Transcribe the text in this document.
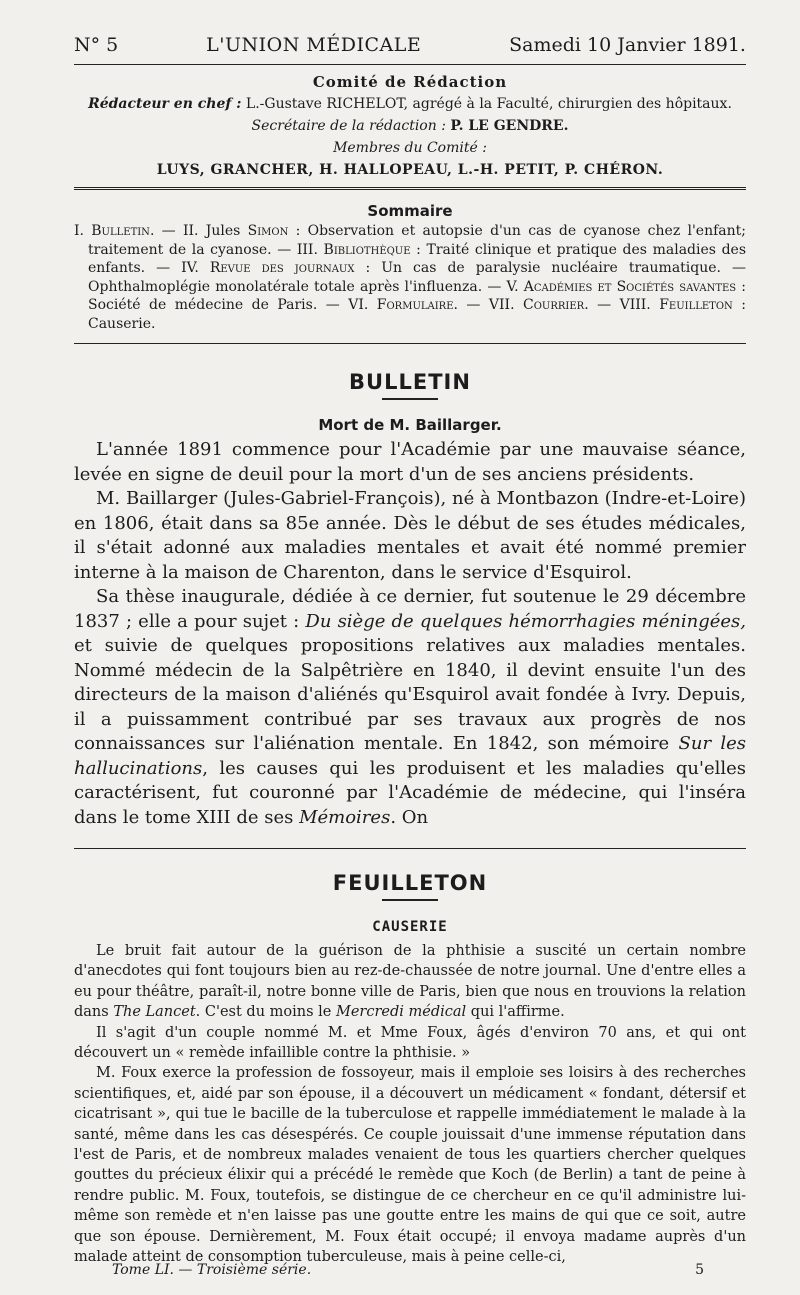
N° 5	L'UNION MÉDICALE	Samedi 10 Janvier 1891.
Comité de Rédaction
Rédacteur en chef : L.-Gustave RICHELOT, agrégé à la Faculté, chirurgien des hôpitaux.
Secrétaire de la rédaction : P. LE GENDRE.
Membres du Comité :
LUYS, GRANCHER, H. HALLOPEAU, L.-H. PETIT, P. CHÉRON.
Sommaire
I. Bulletin. — II. Jules Simon : Observation et autopsie d'un cas de cyanose chez l'enfant; traitement de la cyanose. — III. Bibliothèque : Traité clinique et pratique des maladies des enfants. — IV. Revue des journaux : Un cas de paralysie nucléaire traumatique. — Ophthalmoplégie monolatérale totale après l'influenza. — V. Académies et Sociétés savantes : Société de médecine de Paris. — VI. Formulaire. — VII. Courrier. — VIII. Feuilleton : Causerie.
BULLETIN
Mort de M. Baillarger.

L'année 1891 commence pour l'Académie par une mauvaise séance, levée en signe de deuil pour la mort d'un de ses anciens présidents.

M. Baillarger (Jules-Gabriel-François), né à Montbazon (Indre-et-Loire) en 1806, était dans sa 85e année. Dès le début de ses études médicales, il s'était adonné aux maladies mentales et avait été nommé premier interne à la maison de Charenton, dans le service d'Esquirol.

Sa thèse inaugurale, dédiée à ce dernier, fut soutenue le 29 décembre 1837 ; elle a pour sujet : Du siège de quelques hémorrhagies méningées, et suivie de quelques propositions relatives aux maladies mentales. Nommé médecin de la Salpêtrière en 1840, il devint ensuite l'un des directeurs de la maison d'aliénés qu'Esquirol avait fondée à Ivry. Depuis, il a puissamment contribué par ses travaux aux progrès de nos connaissances sur l'aliénation mentale. En 1842, son mémoire Sur les hallucinations, les causes qui les produisent et les maladies qu'elles caractérisent, fut couronné par l'Académie de médecine, qui l'inséra dans le tome XIII de ses Mémoires. On

FEUILLETON
CAUSERIE

Le bruit fait autour de la guérison de la phthisie a suscité un certain nombre d'anecdotes qui font toujours bien au rez-de-chaussée de notre journal. Une d'entre elles a eu pour théâtre, paraît-il, notre bonne ville de Paris, bien que nous en trouvions la relation dans The Lancet. C'est du moins le Mercredi médical qui l'affirme.

Il s'agit d'un couple nommé M. et Mme Foux, âgés d'environ 70 ans, et qui ont découvert un « remède infaillible contre la phthisie. »

M. Foux exerce la profession de fossoyeur, mais il emploie ses loisirs à des recherches scientifiques, et, aidé par son épouse, il a découvert un médicament « fondant, détersif et cicatrisant », qui tue le bacille de la tuberculose et rappelle immédiatement le malade à la santé, même dans les cas désespérés. Ce couple jouissait d'une immense réputation dans l'est de Paris, et de nombreux malades venaient de tous les quartiers chercher quelques gouttes du précieux élixir qui a précédé le remède que Koch (de Berlin) a tant de peine à rendre public. M. Foux, toutefois, se distingue de ce chercheur en ce qu'il administre lui-même son remède et n'en laisse pas une goutte entre les mains de qui que ce soit, autre que son épouse. Dernièrement, M. Foux était occupé; il envoya madame auprès d'un malade atteint de consomption tuberculeuse, mais à peine celle-ci,

Tome LI. — Troisième série.	5
